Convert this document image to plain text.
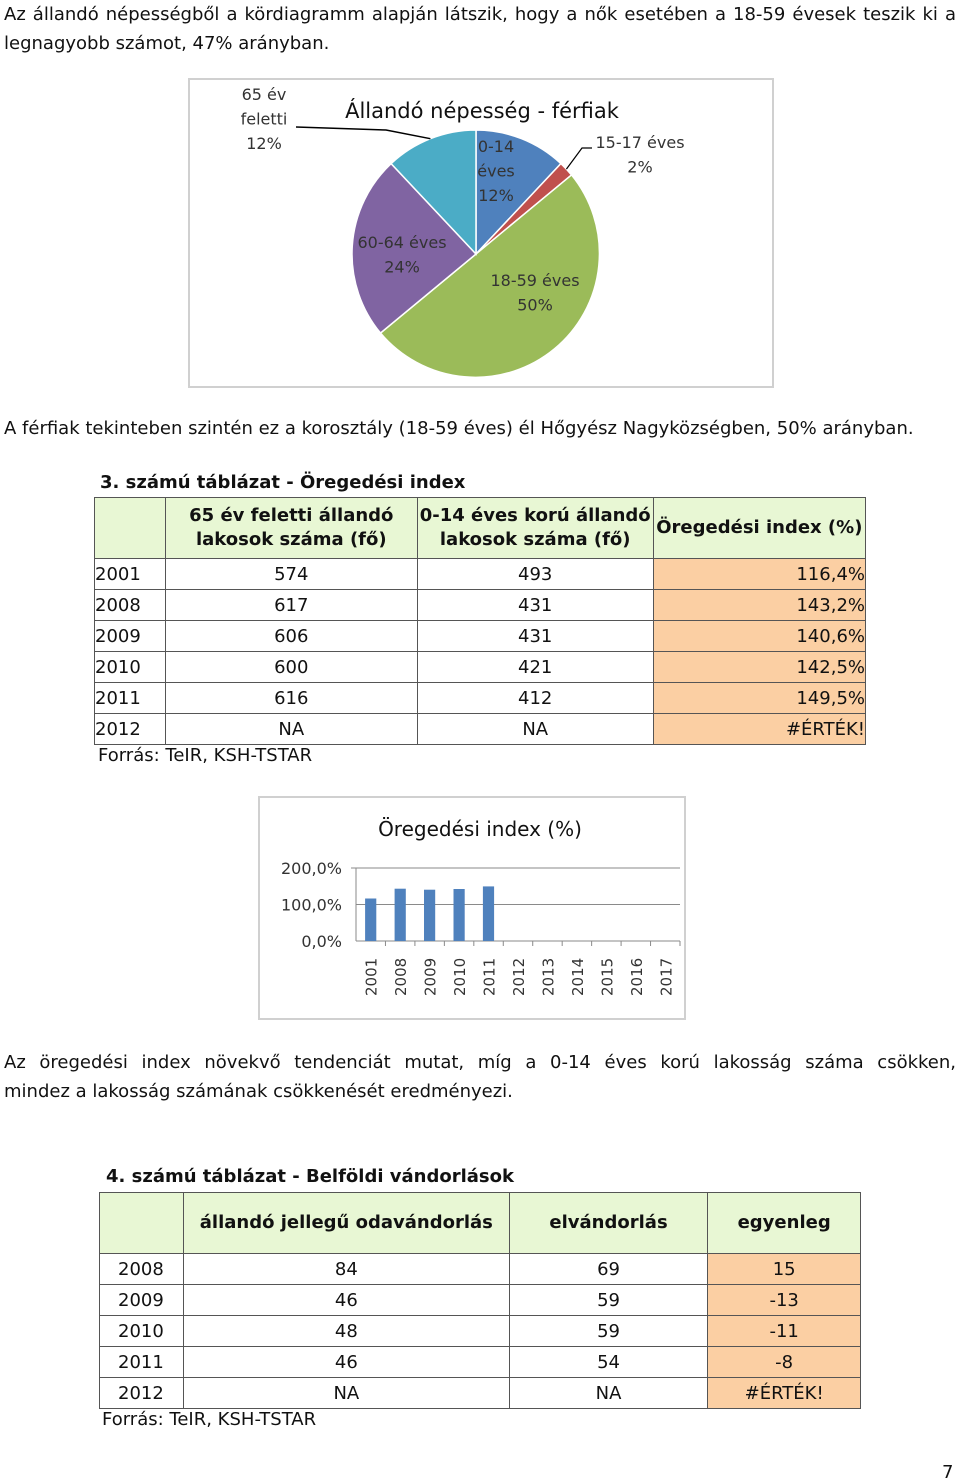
Az állandó népességből a kördiagramm alapján látszik, hogy a nők esetében a 18-59 évesek teszik ki a
legnagyobb számot, 47% arányban.
Állandó népesség - férfiak
0-14 éves 12%
15-17 éves 2%
18-59 éves 50%
60-64 éves 24%
65 év feletti 12%
A férfiak tekinteben szintén ez a korosztály (18-59 éves) él Hőgyész Nagyközségben, 50% arányban.
3. számú táblázat - Öregedési index
	65 év feletti állandó lakosok száma (fő)	0-14 éves korú állandó lakosok száma (fő)	Öregedési index (%)
2001	574	493	116,4%
2008	617	431	143,2%
2009	606	431	140,6%
2010	600	421	142,5%
2011	616	412	149,5%
2012	NA	NA	#ÉRTÉK!
Forrás: TeIR, KSH-TSTAR
Öregedési index (%)
200,0%
100,0%
0,0%
2001 2008 2009 2010 2011 2012 2013 2014 2015 2016 2017
Az öregedési index növekvő tendenciát mutat, míg a 0-14 éves korú lakosság száma csökken,
mindez a lakosság számának csökkenését eredményezi.
4. számú táblázat - Belföldi vándorlások
	állandó jellegű odavándorlás	elvándorlás	egyenleg
2008	84	69	15
2009	46	59	-13
2010	48	59	-11
2011	46	54	-8
2012	NA	NA	#ÉRTÉK!
Forrás: TeIR, KSH-TSTAR
7
